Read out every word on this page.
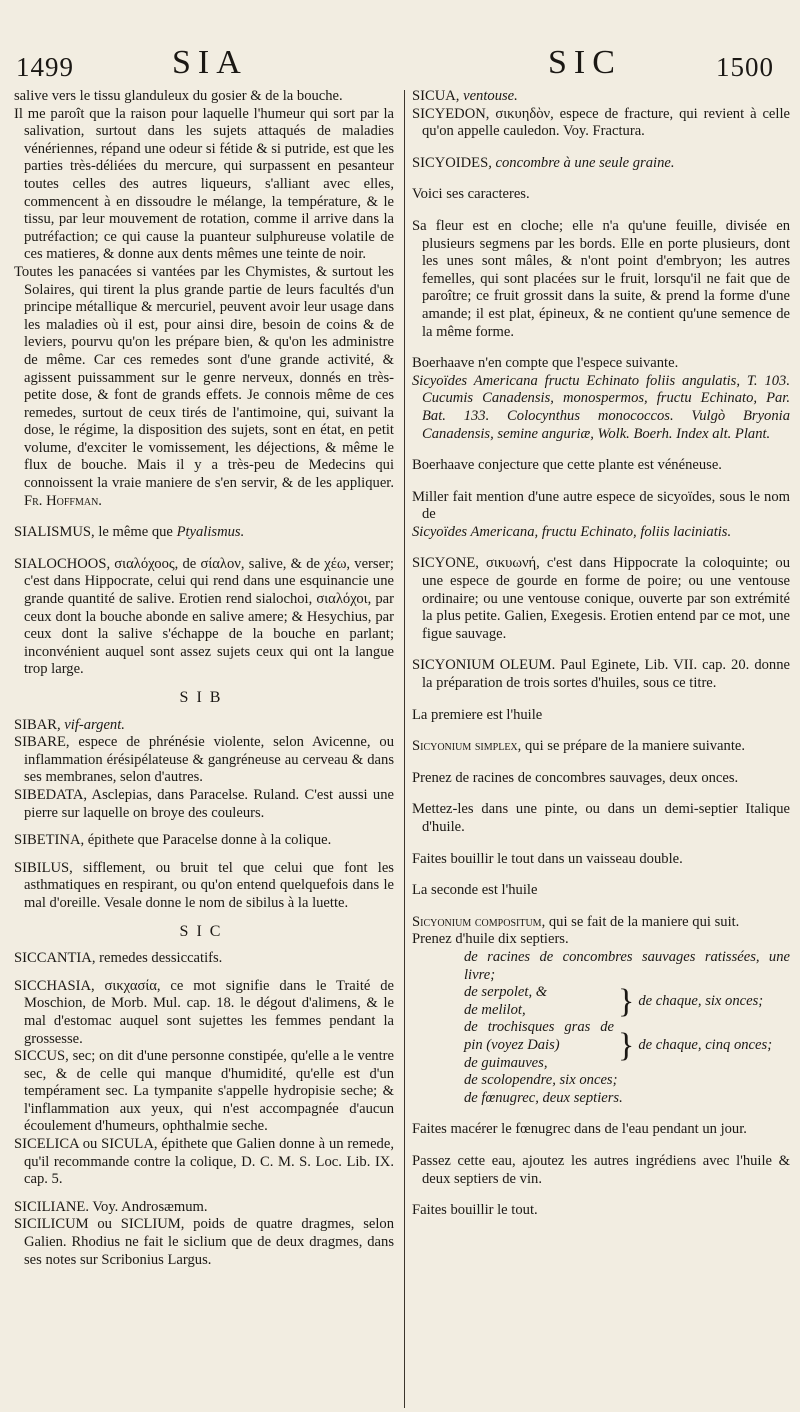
1499	SIA	SIC	1500

salive vers le tissu glanduleux du gosier & de la bouche.

Il me paroît que la raison pour laquelle l'humeur qui sort par la salivation, surtout dans les sujets attaqués de maladies vénériennes, répand une odeur si fétide & si putride, est que les parties très-déliées du mercure, qui surpassent en pesanteur toutes celles des autres liqueurs, s'alliant avec elles, commencent à en dissoudre le mélange, la température, & le tissu, par leur mouvement de rotation, comme il arrive dans la putréfaction; ce qui cause la puanteur sulphureuse volatile de ces matieres, & donne aux dents mêmes une teinte de noir.

Toutes les panacées si vantées par les Chymistes, & surtout les Solaires, qui tirent la plus grande partie de leurs facultés d'un principe métallique & mercuriel, peuvent avoir leur usage dans les maladies où il est, pour ainsi dire, besoin de coins & de leviers, pourvu qu'on les prépare bien, & qu'on les administre de même. Car ces remedes sont d'une grande activité, & agissent puissamment sur le genre nerveux, donnés en très-petite dose, & font de grands effets. Je connois même de ces remedes, surtout de ceux tirés de l'antimoine, qui, suivant la dose, le régime, la disposition des sujets, sont en état, en petit volume, d'exciter le vomissement, les déjections, & même le flux de bouche. Mais il y a très-peu de Medecins qui connoissent la vraie maniere de s'en servir, & de les appliquer. Fr. Hoffman.

SIALISMUS, le même que Ptyalismus.

SIALOCHOOS, σιαλόχοος, de σίαλον, salive, & de χέω, verser; c'est dans Hippocrate, celui qui rend dans une esquinancie une grande quantité de salive. Erotien rend sialochoi, σιαλόχοι, par ceux dont la bouche abonde en salive amere; & Hesychius, par ceux dont la salive s'échappe de la bouche en parlant; inconvénient auquel sont assez sujets ceux qui ont la langue trop large.

SIB

SIBAR, vif-argent.

SIBARE, espece de phrénésie violente, selon Avicenne, ou inflammation érésipélateuse & gangréneuse au cerveau & dans ses membranes, selon d'autres.

SIBEDATA, Asclepias, dans Paracelse. Ruland. C'est aussi une pierre sur laquelle on broye des couleurs.

SIBETINA, épithete que Paracelse donne à la colique.

SIBILUS, sifflement, ou bruit tel que celui que font les asthmatiques en respirant, ou qu'on entend quelquefois dans le mal d'oreille. Vesale donne le nom de sibilus à la luette.

SIC

SICCANTIA, remedes dessiccatifs.

SICCHASIA, σικχασία, ce mot signifie dans le Traité de Moschion, de Morb. Mul. cap. 18. le dégout d'alimens, & le mal d'estomac auquel sont sujettes les femmes pendant la grossesse.

SICCUS, sec; on dit d'une personne constipée, qu'elle a le ventre sec, & de celle qui manque d'humidité, qu'elle est d'un tempérament sec. La tympanite s'appelle hydropisie seche; & l'inflammation aux yeux, qui n'est accompagnée d'aucun écoulement d'humeurs, ophthalmie seche.

SICELICA ou SICULA, épithete que Galien donne à un remede, qu'il recommande contre la colique, D. C. M. S. Loc. Lib. IX. cap. 5.

SICILIANE. Voy. Androsæmum.

SICILICUM ou SICLIUM, poids de quatre dragmes, selon Galien. Rhodius ne fait le siclium que de deux dragmes, dans ses notes sur Scribonius Largus.

SICUA, ventouse.

SICYEDON, σικυηδὸν, espece de fracture, qui revient à celle qu'on appelle cauledon. Voy. Fractura.

SICYOIDES, concombre à une seule graine.

Voici ses caracteres.

Sa fleur est en cloche; elle n'a qu'une feuille, divisée en plusieurs segmens par les bords. Elle en porte plusieurs, dont les unes sont mâles, & n'ont point d'embryon; les autres femelles, qui sont placées sur le fruit, lorsqu'il ne fait que de paroître; ce fruit grossit dans la suite, & prend la forme d'une amande; il est plat, épineux, & ne contient qu'une semence de la même forme.

Boerhaave n'en compte que l'espece suivante.

Sicyoïdes Americana fructu Echinato foliis angulatis, T. 103. Cucumis Canadensis, monospermos, fructu Echinato, Par. Bat. 133. Colocynthus monococcos. Vulgò Bryonia Canadensis, semine anguriæ, Wolk. Boerh. Index alt. Plant.

Boerhaave conjecture que cette plante est vénéneuse.

Miller fait mention d'une autre espece de sicyoïdes, sous le nom de

Sicyoïdes Americana, fructu Echinato, foliis laciniatis.

SICYONE, σικυωνή, c'est dans Hippocrate la coloquinte; ou une espece de gourde en forme de poire; ou une ventouse ordinaire; ou une ventouse conique, ouverte par son extrémité la plus petite. Galien, Exegesis. Erotien entend par ce mot, une figue sauvage.

SICYONIUM OLEUM. Paul Eginete, Lib. VII. cap. 20. donne la préparation de trois sortes d'huiles, sous ce titre.

La premiere est l'huile

Sicyonium simplex, qui se prépare de la maniere suivante.

Prenez de racines de concombres sauvages, deux onces.

Mettez-les dans une pinte, ou dans un demi-septier Italique d'huile.

Faites bouillir le tout dans un vaisseau double.

La seconde est l'huile

Sicyonium compositum, qui se fait de la maniere qui suit.

Prenez d'huile dix septiers.

de racines de concombres sauvages ratissées, une livre;
de serpolet, &
de melilot,	} de chaque, six onces;
de trochisques gras de pin (voyez Dais)
de guimauves,	} de chaque, cinq onces;
de scolopendre, six onces;
de fœnugrec, deux septiers.

Faites macérer le fœnugrec dans de l'eau pendant un jour.

Passez cette eau, ajoutez les autres ingrédiens avec l'huile & deux septiers de vin.

Faites bouillir le tout.
